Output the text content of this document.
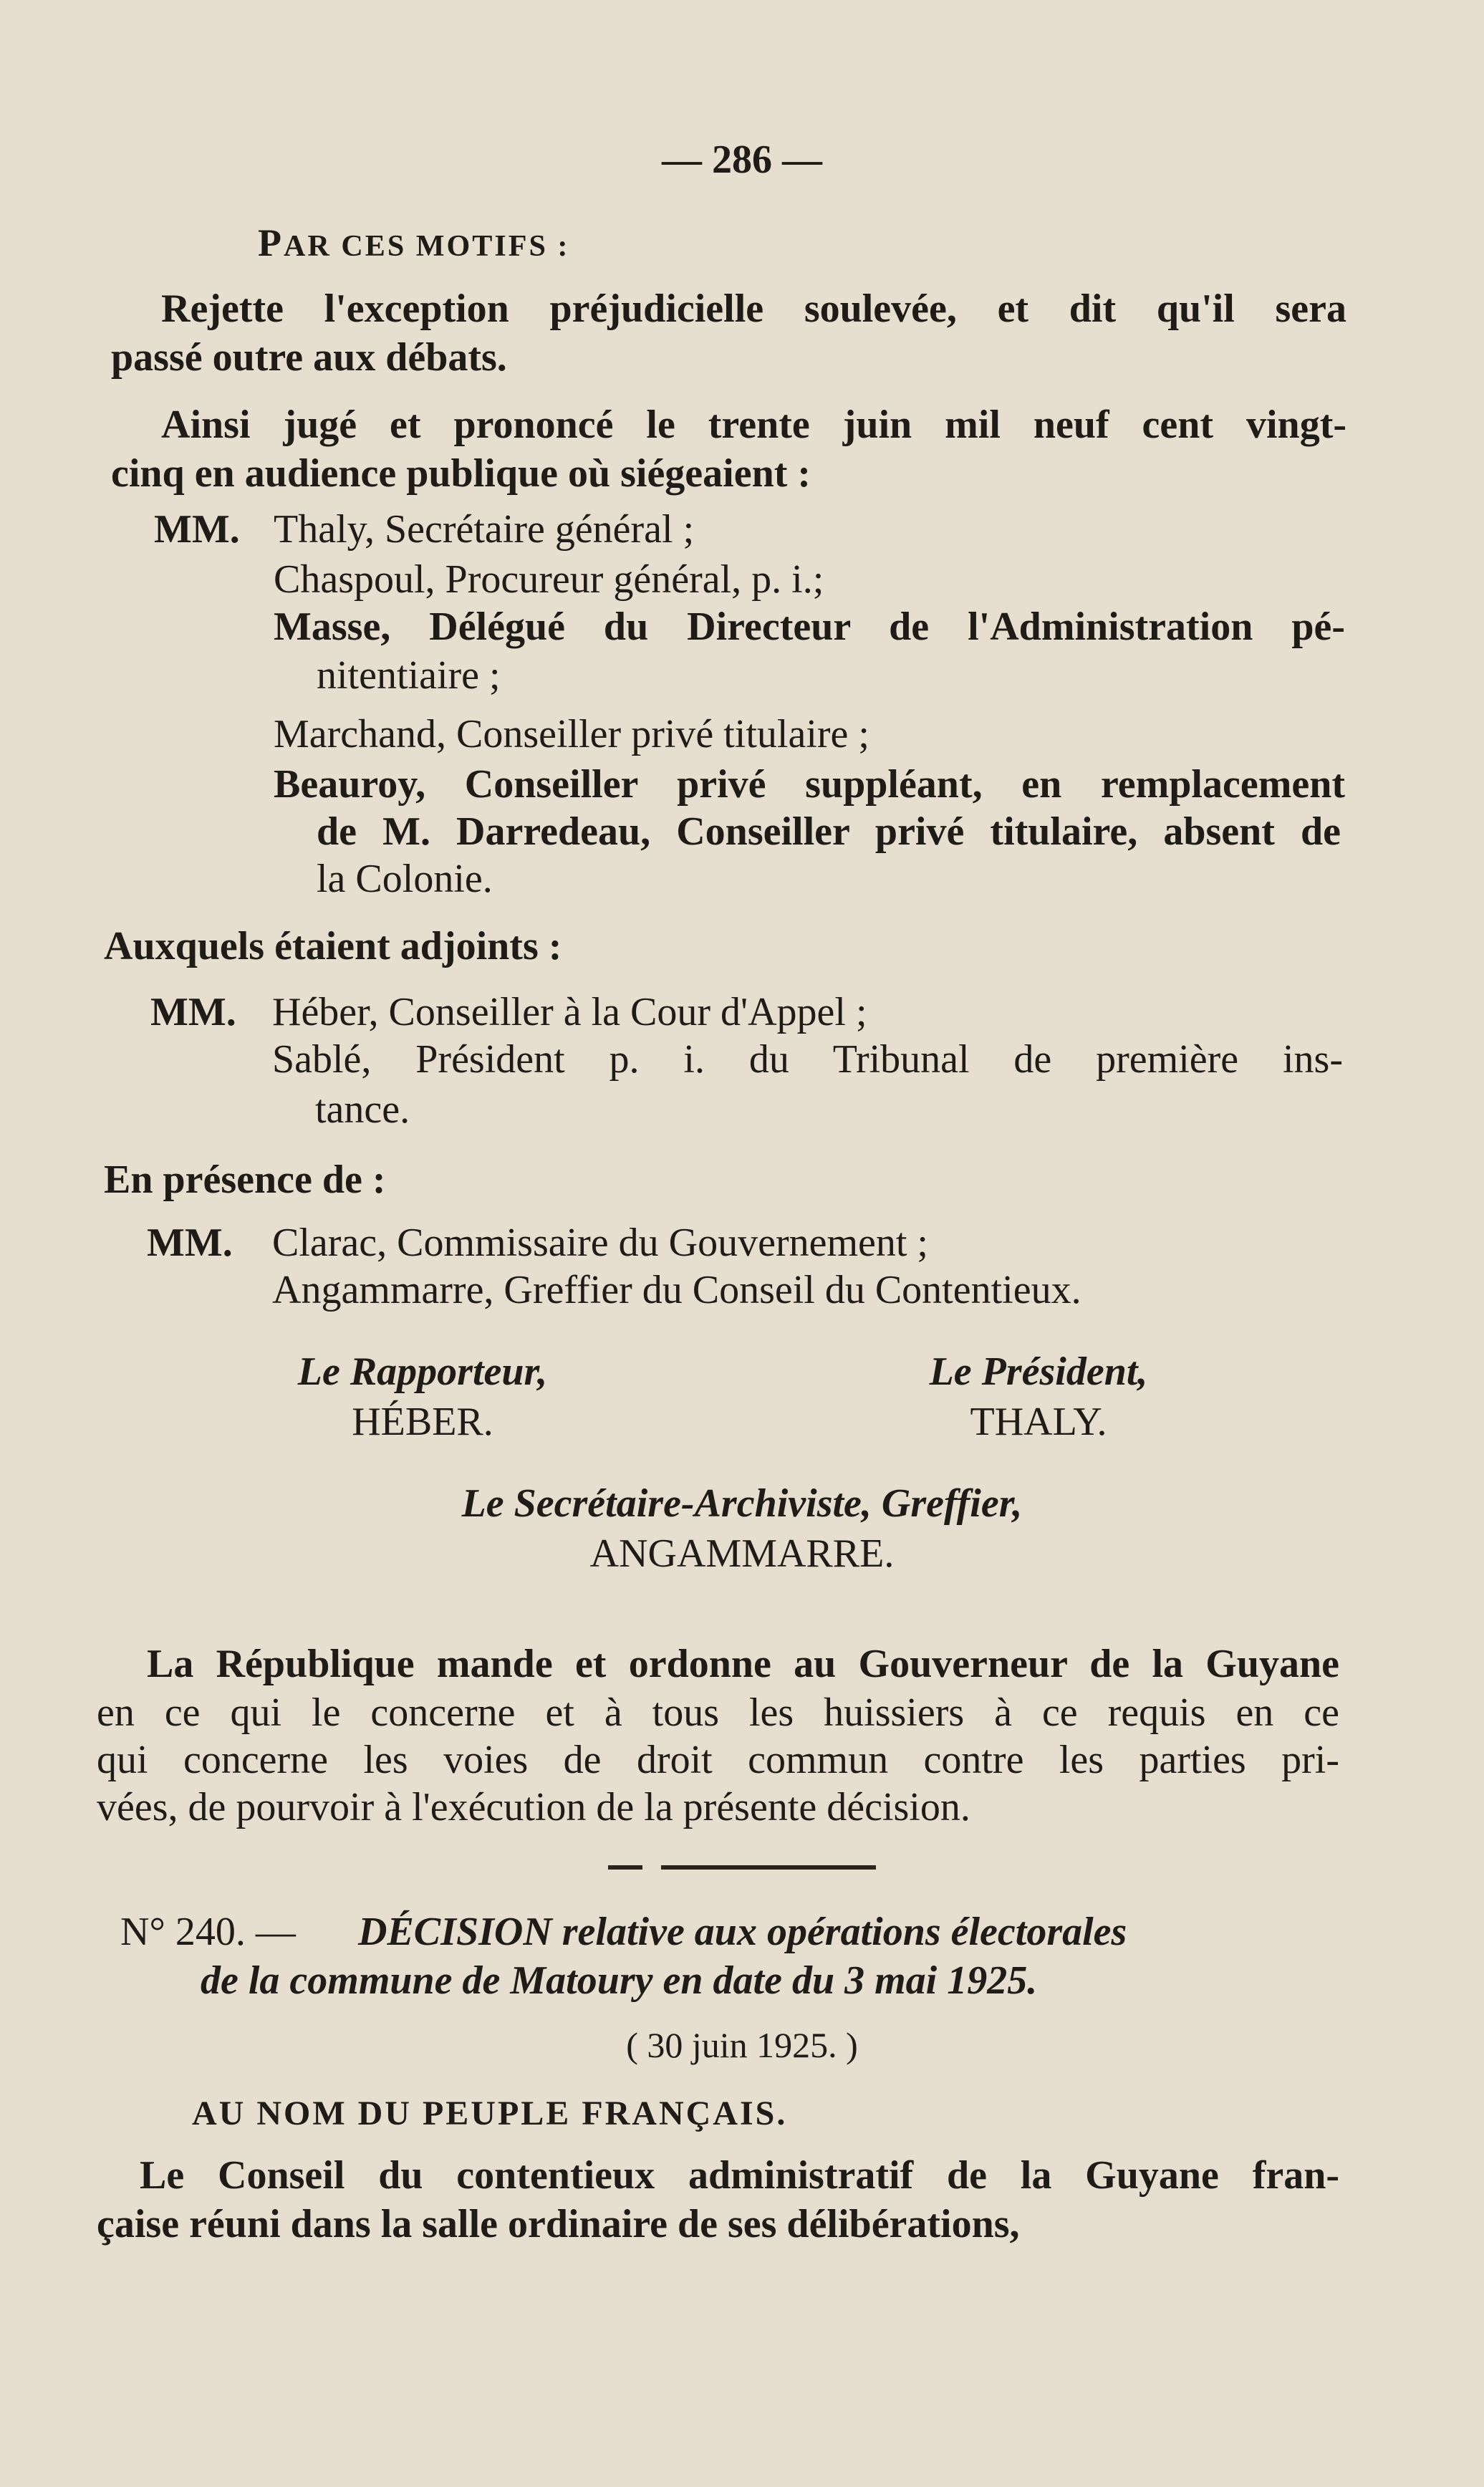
— 286 —

PAR CES MOTIFS :

Rejette l'exception préjudicielle soulevée, et dit qu'il sera

passé outre aux débats.

Ainsi jugé et prononcé le trente juin mil neuf cent vingt-

cinq en audience publique où siégeaient :

MM. Thaly, Secrétaire général ;

Chaspoul, Procureur général, p. i.;

Masse, Délégué du Directeur de l'Administration pé-

nitentiaire ;

Marchand, Conseiller privé titulaire ;

Beauroy, Conseiller privé suppléant, en remplacement

de M. Darredeau, Conseiller privé titulaire, absent de

la Colonie.

Auxquels étaient adjoints :

MM. Héber, Conseiller à la Cour d'Appel ;

Sablé, Président p. i. du Tribunal de première ins-

tance.

En présence de :

MM. Clarac, Commissaire du Gouvernement ;

Angammarre, Greffier du Conseil du Contentieux.

Le Rapporteur,

HÉBER.

Le Président,

THALY.

Le Secrétaire-Archiviste, Greffier,

ANGAMMARRE.

La République mande et ordonne au Gouverneur de la Guyane

en ce qui le concerne et à tous les huissiers à ce requis en ce

qui concerne les voies de droit commun contre les parties pri-

vées, de pourvoir à l'exécution de la présente décision.

N° 240. — DÉCISION relative aux opérations électorales

de la commune de Matoury en date du 3 mai 1925.

( 30 juin 1925. )

AU NOM DU PEUPLE FRANÇAIS.

Le Conseil du contentieux administratif de la Guyane fran-

çaise réuni dans la salle ordinaire de ses délibérations,
